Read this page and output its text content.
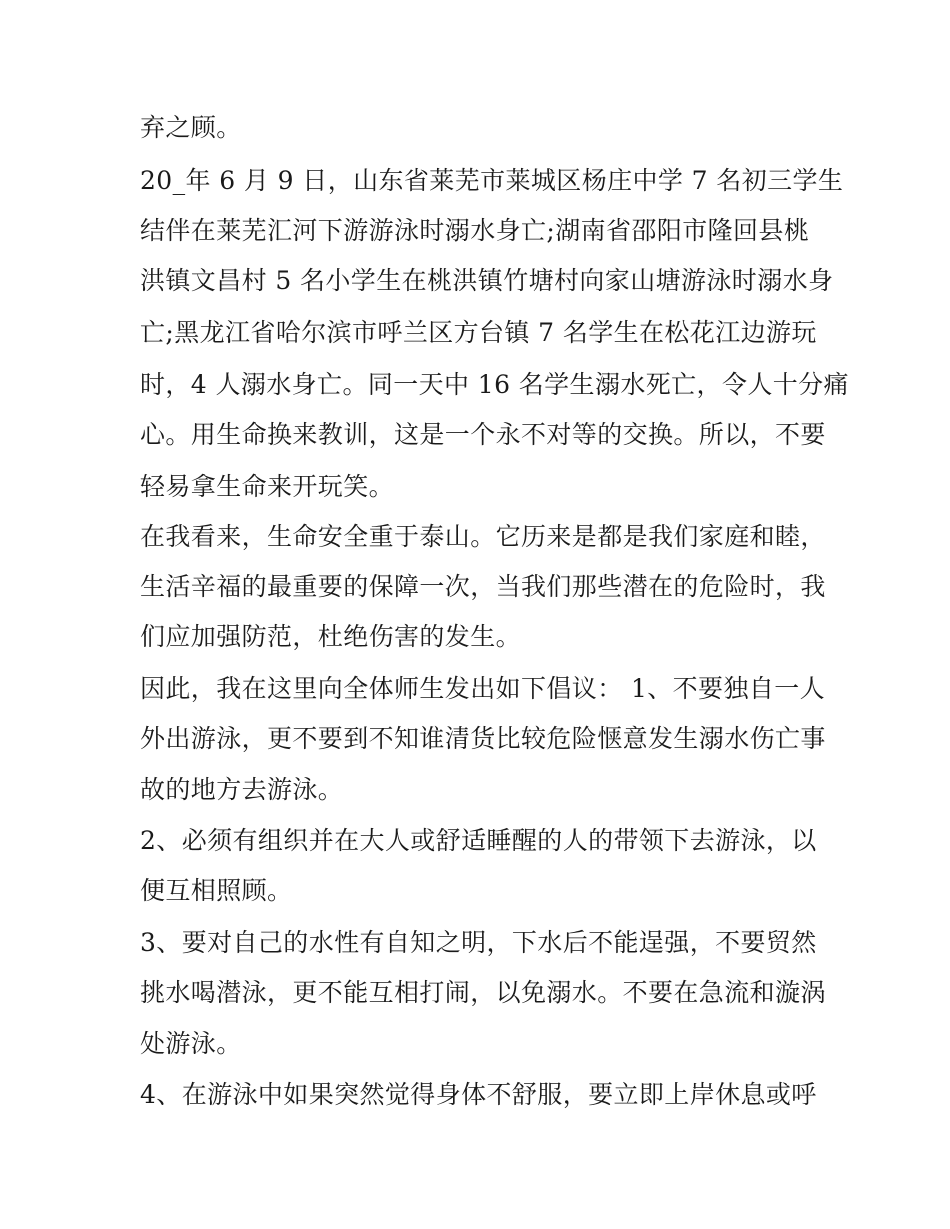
弃之顾。
20_年 6 月 9 日，山东省莱芜市莱城区杨庄中学 7 名初三学生
结伴在莱芜汇河下游游泳时溺水身亡;湖南省邵阳市隆回县桃
洪镇文昌村 5 名小学生在桃洪镇竹塘村向家山塘游泳时溺水身
亡;黑龙江省哈尔滨市呼兰区方台镇 7 名学生在松花江边游玩
时，4 人溺水身亡。同一天中 16 名学生溺水死亡，令人十分痛
心。用生命换来教训，这是一个永不对等的交换。所以，不要
轻易拿生命来开玩笑。
在我看来，生命安全重于泰山。它历来是都是我们家庭和睦，
生活辛福的最重要的保障一次，当我们那些潜在的危险时，我
们应加强防范，杜绝伤害的发生。
因此，我在这里向全体师生发出如下倡议： 1、不要独自一人
外出游泳，更不要到不知谁清货比较危险惬意发生溺水伤亡事
故的地方去游泳。
2、必须有组织并在大人或舒适睡醒的人的带领下去游泳，以
便互相照顾。
3、要对自己的水性有自知之明，下水后不能逞强，不要贸然
挑水喝潜泳，更不能互相打闹，以免溺水。不要在急流和漩涡
处游泳。
4、在游泳中如果突然觉得身体不舒服，要立即上岸休息或呼
